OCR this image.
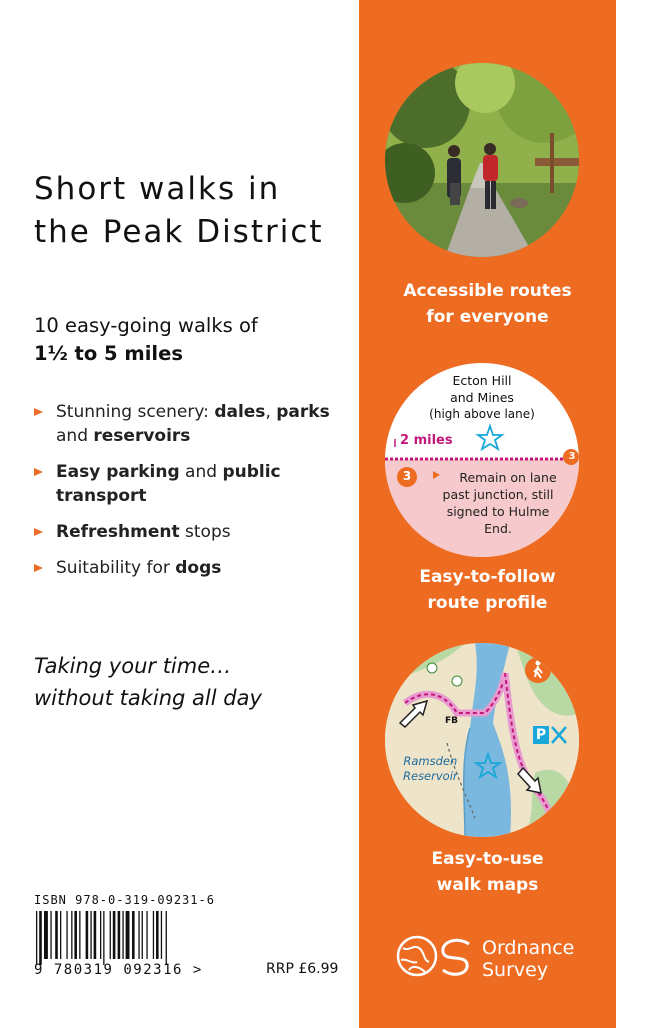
Short walks in
the Peak District
10 easy-going walks of
1½ to 5 miles
Stunning scenery: dales, parks and reservoirs
Easy parking and public transport
Refreshment stops
Suitability for dogs
Taking your time…
without taking all day
ISBN 978-0-319-09231-6
9 780319 092316 >	RRP £6.99
Accessible routes
for everyone
Ecton Hill
and Mines
(high above lane)
2 miles
3
3
Remain on lane
past junction, still
signed to Hulme
End.
Easy-to-follow
route profile
FB
P
Ramsden
Reservoir
Easy-to-use
walk maps
Ordnance
Survey
